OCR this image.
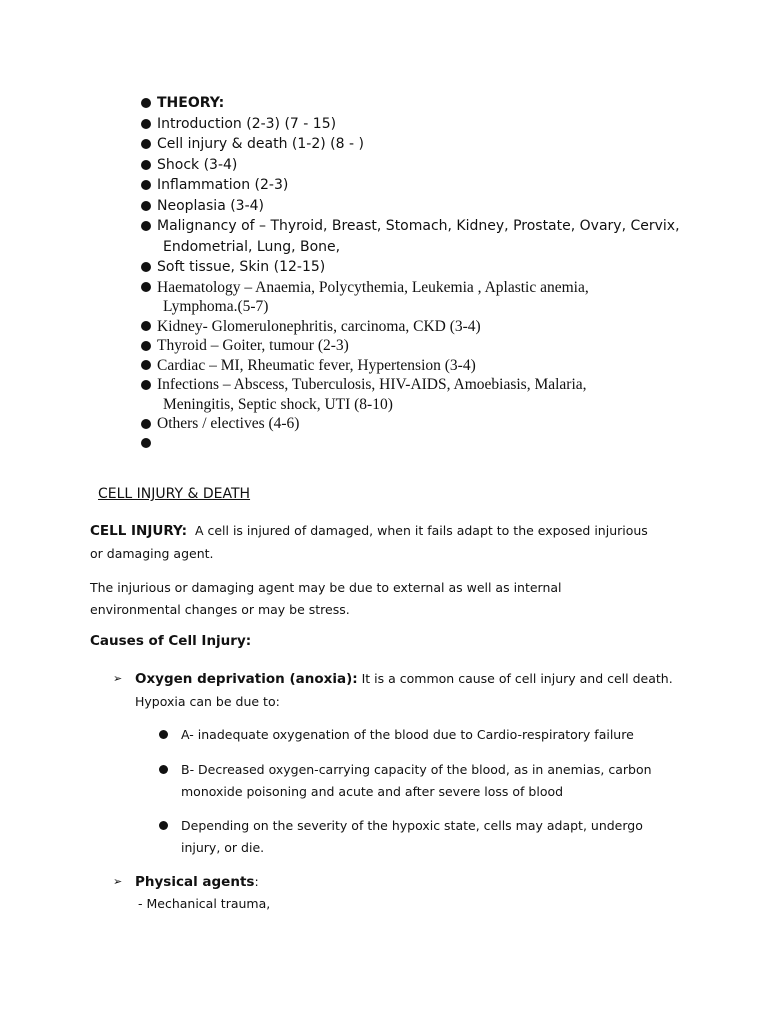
THEORY:
Introduction (2-3) (7 - 15)
Cell injury & death (1-2) (8 - )
Shock (3-4)
Inflammation (2-3)
Neoplasia (3-4)
Malignancy of – Thyroid, Breast, Stomach, Kidney, Prostate, Ovary, Cervix,
Endometrial, Lung, Bone,
Soft tissue, Skin (12-15)
Haematology – Anaemia, Polycythemia, Leukemia , Aplastic anemia,
Lymphoma.(5-7)
Kidney- Glomerulonephritis, carcinoma, CKD (3-4)
Thyroid – Goiter, tumour (2-3)
Cardiac – MI, Rheumatic fever, Hypertension (3-4)
Infections – Abscess, Tuberculosis, HIV-AIDS, Amoebiasis, Malaria,
Meningitis, Septic shock, UTI (8-10)
Others / electives (4-6)
CELL INJURY & DEATH
CELL INJURY: A cell is injured of damaged, when it fails adapt to the exposed injurious or damaging agent.
The injurious or damaging agent may be due to external as well as internal environmental changes or may be stress.
Causes of Cell Injury:
➢ Oxygen deprivation (anoxia): It is a common cause of cell injury and cell death. Hypoxia can be due to:
A- inadequate oxygenation of the blood due to Cardio-respiratory failure
B- Decreased oxygen-carrying capacity of the blood, as in anemias, carbon monoxide poisoning and acute and after severe loss of blood
Depending on the severity of the hypoxic state, cells may adapt, undergo injury, or die.
➢ Physical agents:
- Mechanical trauma,
